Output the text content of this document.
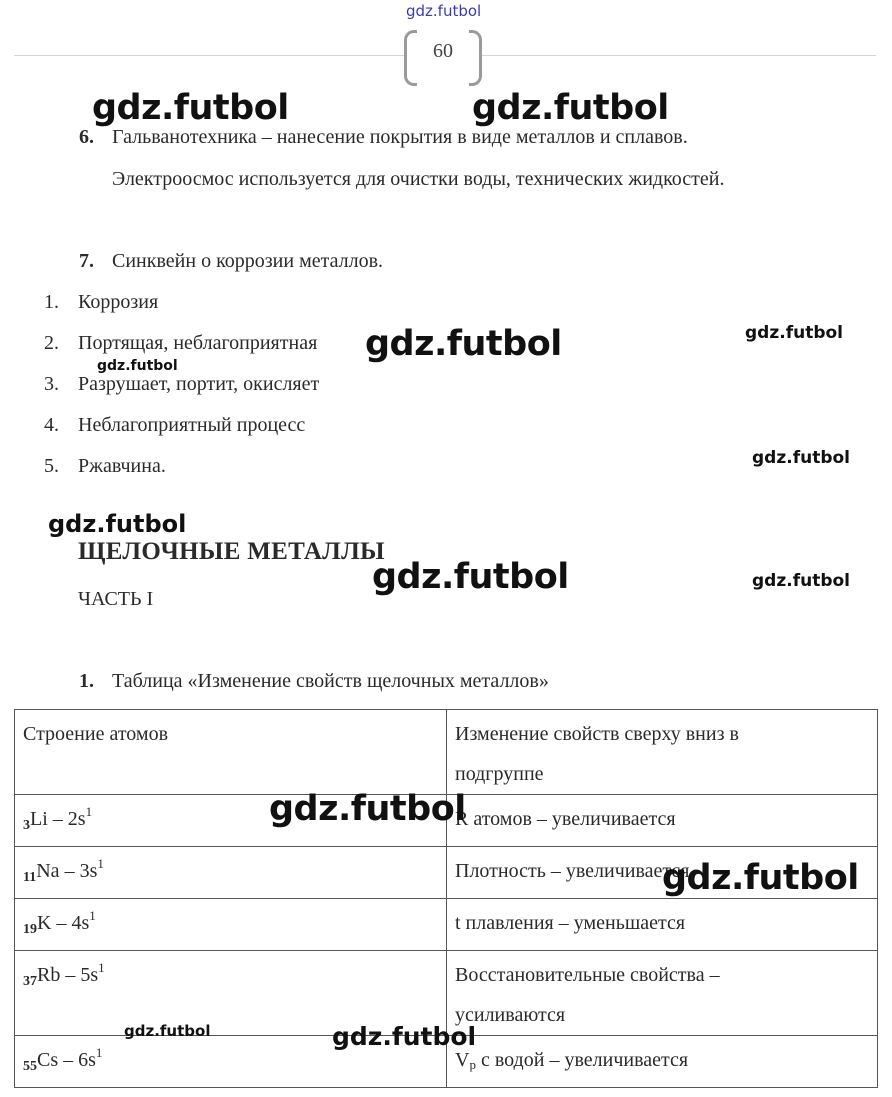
gdz.futbol
60
6. Гальванотехника – нанесение покрытия в виде металлов и сплавов.
Электроосмос используется для очистки воды, технических жидкостей.
7. Синквейн о коррозии металлов.
1. Коррозия
2. Портящая, неблагоприятная
3. Разрушает, портит, окисляет
4. Неблагоприятный процесс
5. Ржавчина.
ЩЕЛОЧНЫЕ МЕТАЛЛЫ
ЧАСТЬ I
1. Таблица «Изменение свойств щелочных металлов»
Строение атомов	Изменение свойств сверху вниз в подгруппе
$_3Li - 2s^1$	R атомов – увеличивается
$_{11}Na - 3s^1$	Плотность – увеличивается
$_{19}K - 4s^1$	t плавления – уменьшается
$_{37}Rb - 5s^1$	Восстановительные свойства – усиливаются
$_{55}Cs - 6s^1$	Vр с водой – увеличивается
gdz.futbol	gdz.futbol
gdz.futbol	gdz.futbol
gdz.futbol
gdz.futbol
gdz.futbol
gdz.futbol	gdz.futbol
gdz.futbol
gdz.futbol
gdz.futbol	gdz.futbol
